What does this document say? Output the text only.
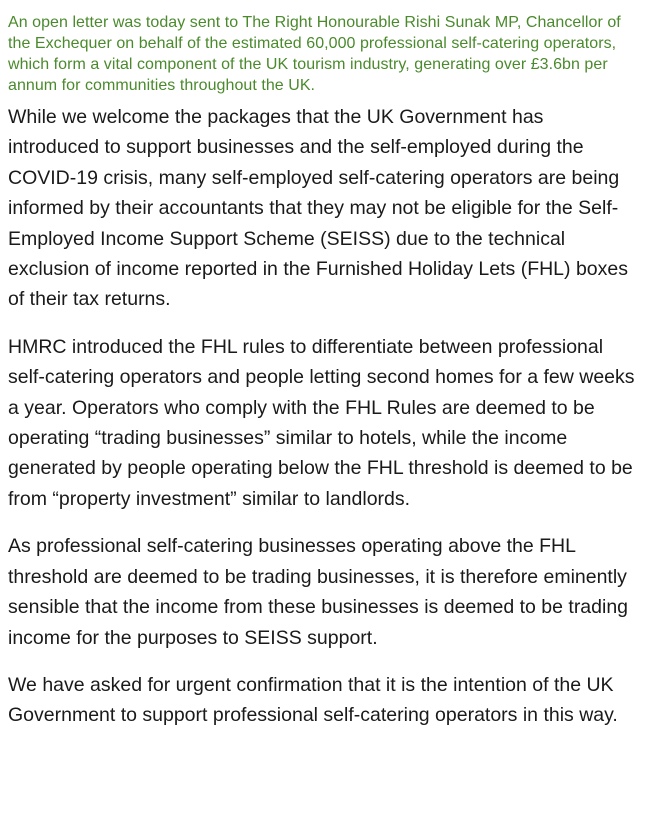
An open letter was today sent to The Right Honourable Rishi Sunak MP, Chancellor of the Exchequer on behalf of the estimated 60,000 professional self-catering operators, which form a vital component of the UK tourism industry, generating over £3.6bn per annum for communities throughout the UK.

While we welcome the packages that the UK Government has introduced to support businesses and the self-employed during the COVID-19 crisis, many self-employed self-catering operators are being informed by their accountants that they may not be eligible for the Self-Employed Income Support Scheme (SEISS) due to the technical exclusion of income reported in the Furnished Holiday Lets (FHL) boxes of their tax returns.

HMRC introduced the FHL rules to differentiate between professional self-catering operators and people letting second homes for a few weeks a year. Operators who comply with the FHL Rules are deemed to be operating “trading businesses” similar to hotels, while the income generated by people operating below the FHL threshold is deemed to be from “property investment” similar to landlords.

As professional self-catering businesses operating above the FHL threshold are deemed to be trading businesses, it is therefore eminently sensible that the income from these businesses is deemed to be trading income for the purposes to SEISS support.

We have asked for urgent confirmation that it is the intention of the UK Government to support professional self-catering operators in this way.
